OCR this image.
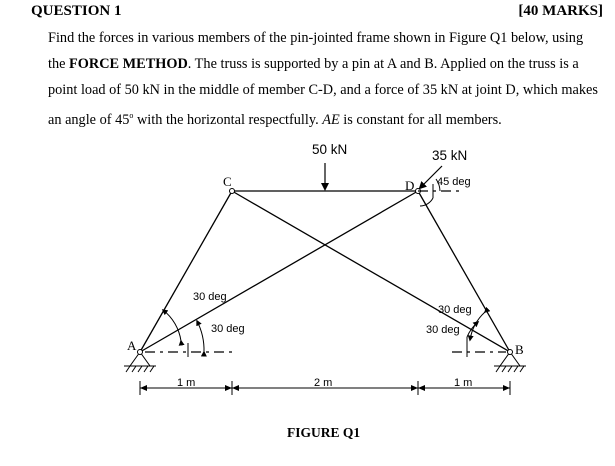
QUESTION 1	[40 MARKS]
Find the forces in various members of the pin-jointed frame shown in Figure Q1 below, using the FORCE METHOD. The truss is supported by a pin at A and B. Applied on the truss is a point load of 50 kN in the middle of member C-D, and a force of 35 kN at joint D, which makes an angle of 45$^o$ with the horizontal respectfully. AE is constant for all members.
50 kN	35 kN
45 deg
30 deg
30 deg
30 deg
30 deg
A	B
C	D
1 m	2 m	1 m
FIGURE Q1
